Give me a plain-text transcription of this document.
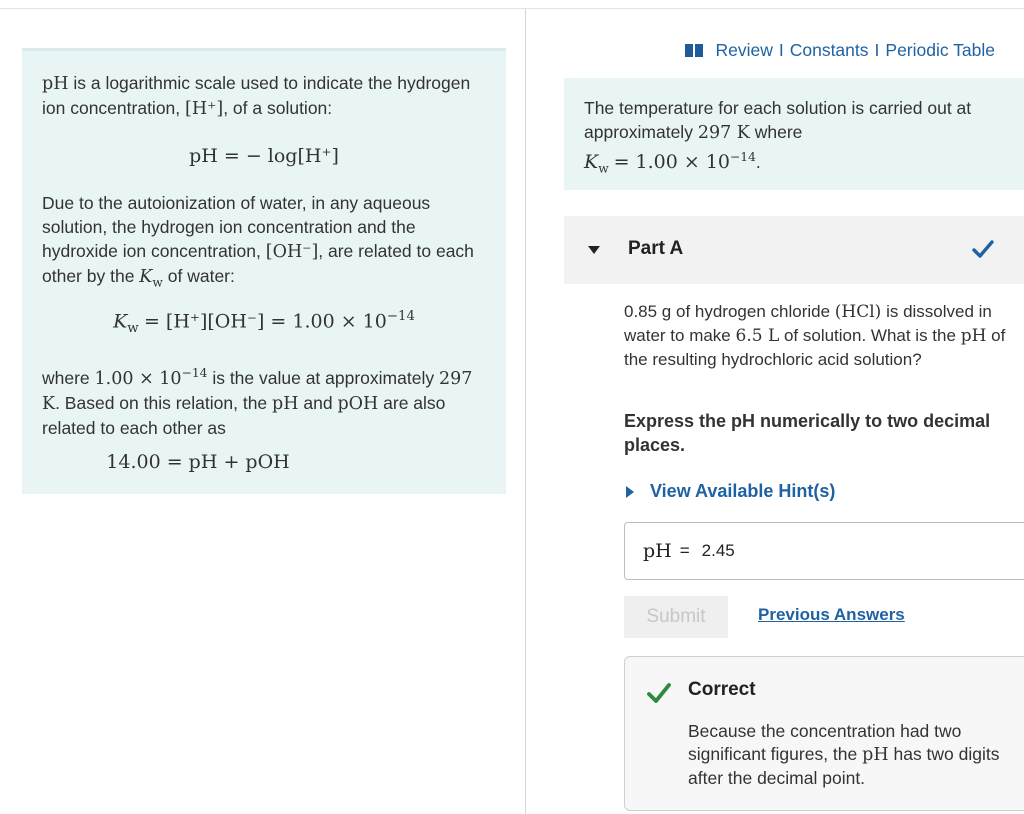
pH is a logarithmic scale used to indicate the hydrogen ion concentration, [H⁺], of a solution:
pH = − log[H⁺]
Due to the autoionization of water, in any aqueous solution, the hydrogen ion concentration and the hydroxide ion concentration, [OH⁻], are related to each other by the $K_w$ of water:
$K_w = [H^+][OH^-] = 1.00 \times 10^{-14}$
where $1.00 \times 10^{-14}$ is the value at approximately 297 K. Based on this relation, the pH and pOH are also related to each other as
14.00 = pH + pOH
Review I Constants I Periodic Table
The temperature for each solution is carried out at approximately 297 K where
$K_w = 1.00 \times 10^{-14}$.
Part A
0.85 g of hydrogen chloride (HCl) is dissolved in water to make 6.5 L of solution. What is the pH of the resulting hydrochloric acid solution?
Express the pH numerically to two decimal places.
View Available Hint(s)
pH = 2.45
Submit	Previous Answers
Correct
Because the concentration had two significant figures, the pH has two digits after the decimal point.
